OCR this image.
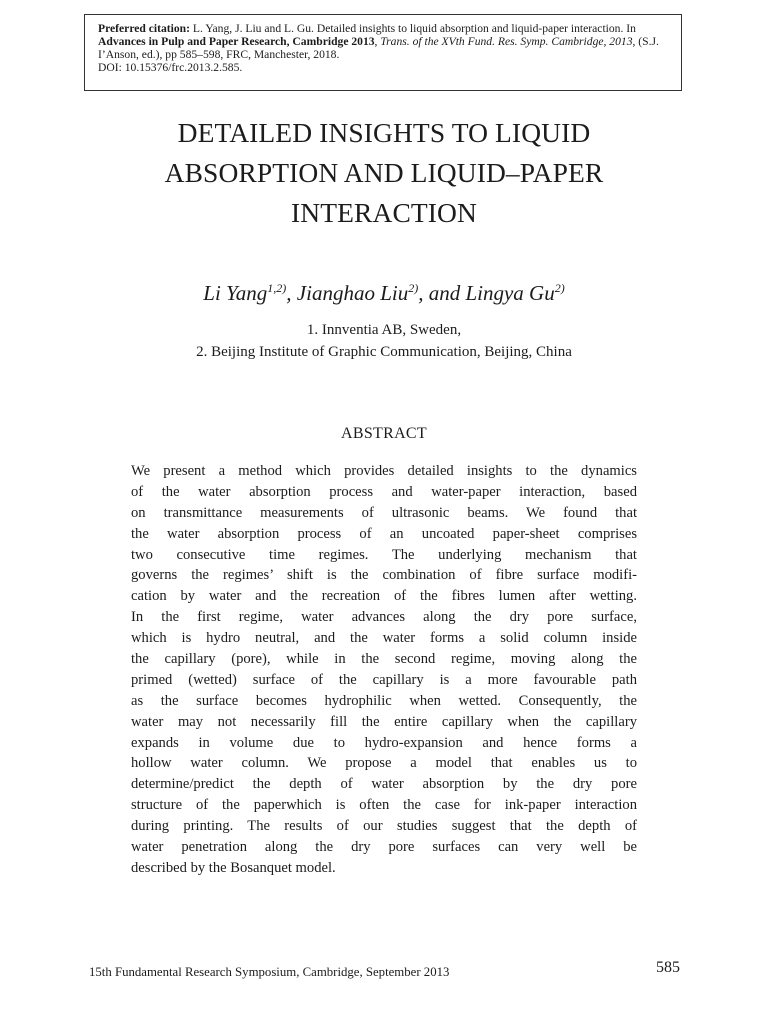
Preferred citation: L. Yang, J. Liu and L. Gu. Detailed insights to liquid absorption and liquid-paper interaction. In Advances in Pulp and Paper Research, Cambridge 2013, Trans. of the XVth Fund. Res. Symp. Cambridge, 2013, (S.J. I’Anson, ed.), pp 585–598, FRC, Manchester, 2018.
DOI: 10.15376/frc.2013.2.585.
DETAILED INSIGHTS TO LIQUID
ABSORPTION AND LIQUID–PAPER
INTERACTION
Li Yang$^{1,2)}$, Jianghao Liu$^{2)}$, and Lingya Gu$^{2)}$
1. Innventia AB, Sweden,
2. Beijing Institute of Graphic Communication, Beijing, China
ABSTRACT
We present a method which provides detailed insights to the dynamics
of the water absorption process and water-paper interaction, based
on transmittance measurements of ultrasonic beams. We found that
the water absorption process of an uncoated paper-sheet comprises
two consecutive time regimes. The underlying mechanism that
governs the regimes’ shift is the combination of fibre surface modifi-
cation by water and the recreation of the fibres lumen after wetting.
In the first regime, water advances along the dry pore surface,
which is hydro neutral, and the water forms a solid column inside
the capillary (pore), while in the second regime, moving along the
primed (wetted) surface of the capillary is a more favourable path
as the surface becomes hydrophilic when wetted. Consequently, the
water may not necessarily fill the entire capillary when the capillary
expands in volume due to hydro-expansion and hence forms a
hollow water column. We propose a model that enables us to
determine/predict the depth of water absorption by the dry pore
structure of the paperwhich is often the case for ink-paper interaction
during printing. The results of our studies suggest that the depth of
water penetration along the dry pore surfaces can very well be
described by the Bosanquet model.
15th Fundamental Research Symposium, Cambridge, September 2013	585
